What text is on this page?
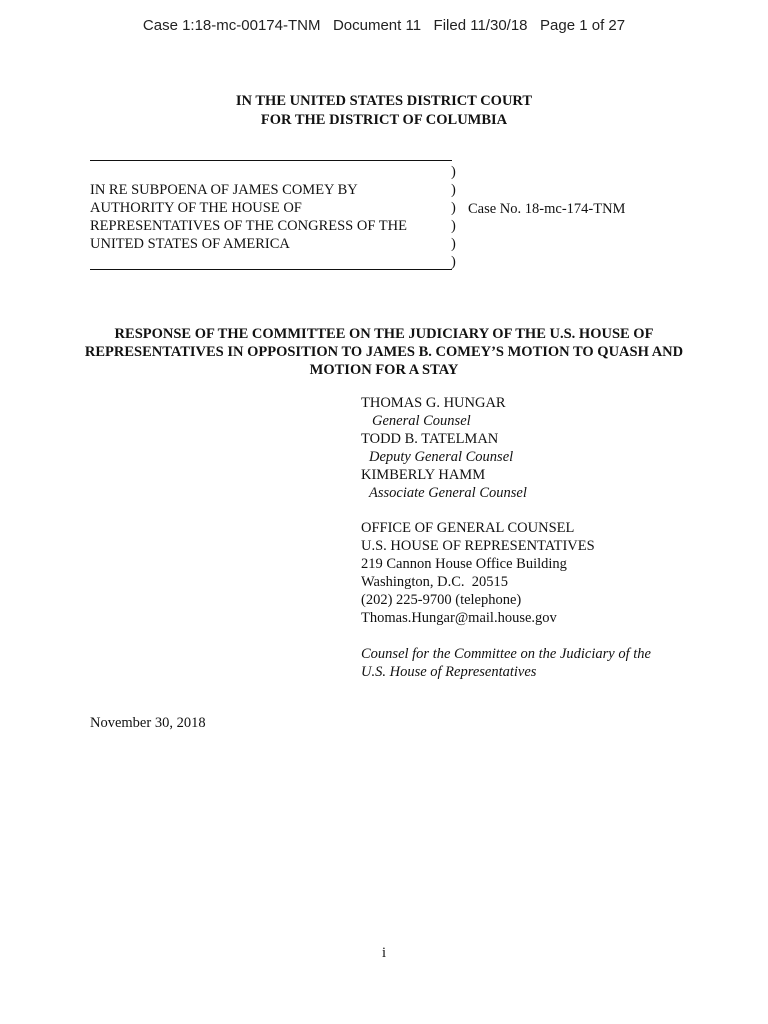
Case 1:18-mc-00174-TNM   Document 11   Filed 11/30/18   Page 1 of 27
IN THE UNITED STATES DISTRICT COURT
FOR THE DISTRICT OF COLUMBIA
IN RE SUBPOENA OF JAMES COMEY BY
AUTHORITY OF THE HOUSE OF
REPRESENTATIVES OF THE CONGRESS OF THE
UNITED STATES OF AMERICA
)
)
)
)
)
)
Case No. 18-mc-174-TNM
RESPONSE OF THE COMMITTEE ON THE JUDICIARY OF THE U.S. HOUSE OF REPRESENTATIVES IN OPPOSITION TO JAMES B. COMEY’S MOTION TO QUASH AND MOTION FOR A STAY
THOMAS G. HUNGAR
General Counsel
TODD B. TATELMAN
Deputy General Counsel
KIMBERLY HAMM
Associate General Counsel
OFFICE OF GENERAL COUNSEL
U.S. HOUSE OF REPRESENTATIVES
219 Cannon House Office Building
Washington, D.C.  20515
(202) 225-9700 (telephone)
Thomas.Hungar@mail.house.gov
Counsel for the Committee on the Judiciary of the
U.S. House of Representatives
November 30, 2018
i
